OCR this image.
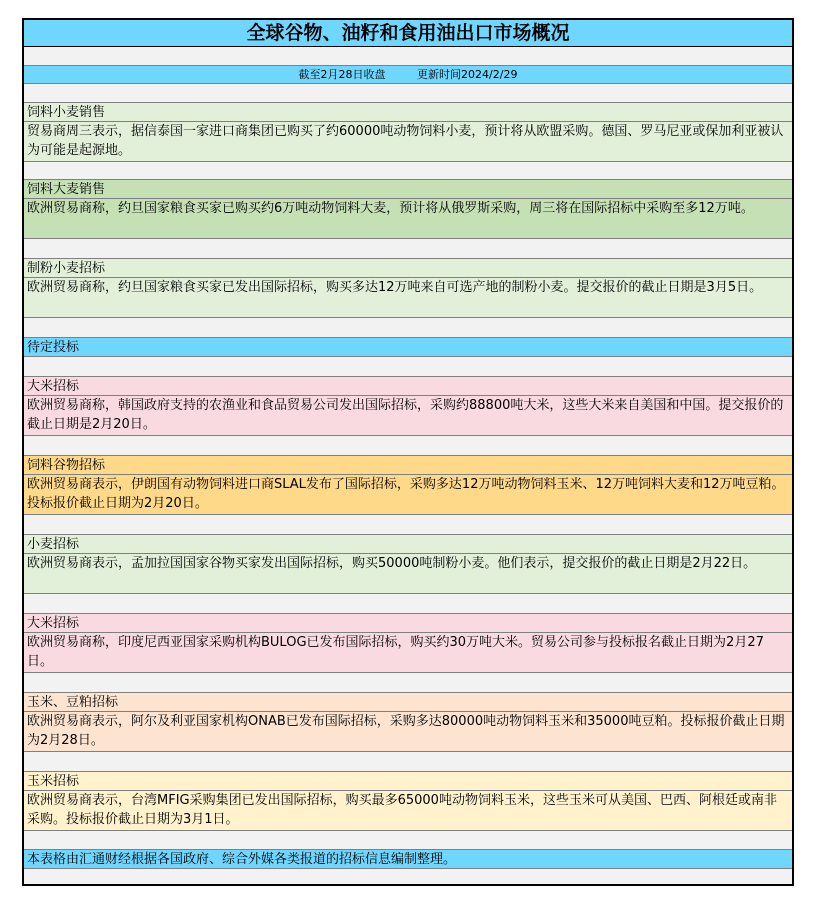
全球谷物、油籽和食用油出口市场概况
截至2月28日收盘	更新时间2024/2/29
饲料小麦销售
贸易商周三表示，据信泰国一家进口商集团已购买了约60000吨动物饲料小麦，预计将从欧盟采购。德国、罗马尼亚或保加利亚被认为可能是起源地。
饲料大麦销售
欧洲贸易商称，约旦国家粮食买家已购买约6万吨动物饲料大麦，预计将从俄罗斯采购，周三将在国际招标中采购至多12万吨。
制粉小麦招标
欧洲贸易商称，约旦国家粮食买家已发出国际招标，购买多达12万吨来自可选产地的制粉小麦。提交报价的截止日期是3月5日。
待定投标
大米招标
欧洲贸易商称，韩国政府支持的农渔业和食品贸易公司发出国际招标，采购约88800吨大米，这些大米来自美国和中国。提交报价的截止日期是2月20日。
饲料谷物招标
欧洲贸易商表示，伊朗国有动物饲料进口商SLAL发布了国际招标，采购多达12万吨动物饲料玉米、12万吨饲料大麦和12万吨豆粕。投标报价截止日期为2月20日。
小麦招标
欧洲贸易商表示，孟加拉国国家谷物买家发出国际招标，购买50000吨制粉小麦。他们表示，提交报价的截止日期是2月22日。
大米招标
欧洲贸易商称，印度尼西亚国家采购机构BULOG已发布国际招标，购买约30万吨大米。贸易公司参与投标报名截止日期为2月27日。
玉米、豆粕招标
欧洲贸易商表示，阿尔及利亚国家机构ONAB已发布国际招标，采购多达80000吨动物饲料玉米和35000吨豆粕。投标报价截止日期为2月28日。
玉米招标
欧洲贸易商表示，台湾MFIG采购集团已发出国际招标，购买最多65000吨动物饲料玉米，这些玉米可从美国、巴西、阿根廷或南非采购。投标报价截止日期为3月1日。
本表格由汇通财经根据各国政府、综合外媒各类报道的招标信息编制整理。
